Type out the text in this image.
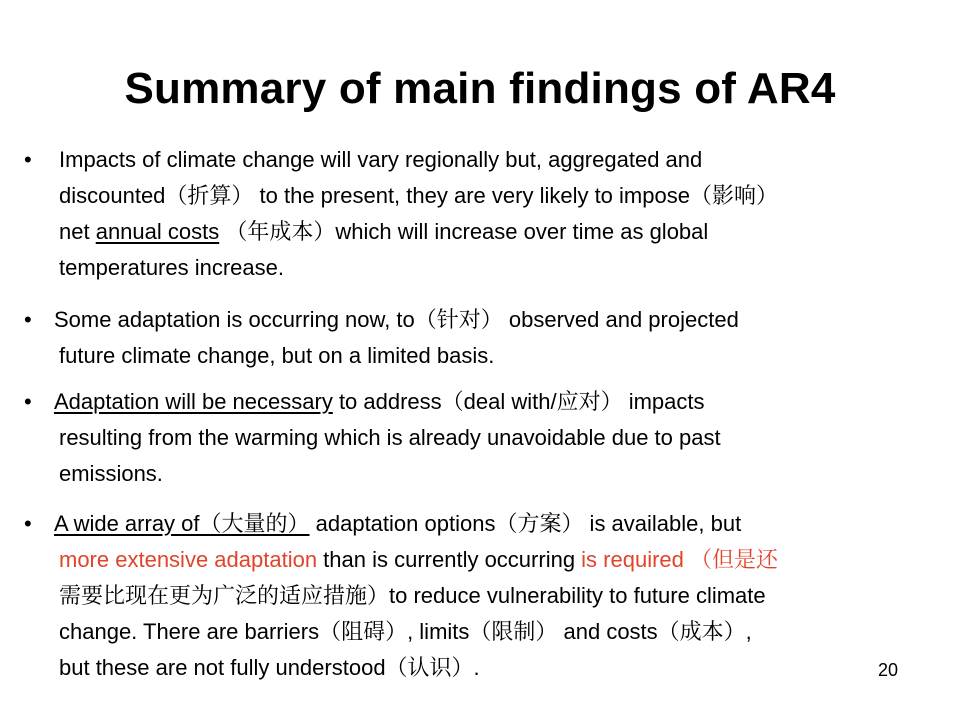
Summary of main findings of AR4
•	Impacts of climate change will vary regionally but, aggregated and
discounted（折算） to the present, they are very likely to impose（影响）
net annual costs （年成本）which will increase over time as global
temperatures increase.
•	Some adaptation is occurring now, to（针对） observed and projected
future climate change, but on a limited basis.
•	Adaptation will be necessary to address（deal with/应对） impacts
resulting from the warming which is already unavoidable due to past
emissions.
•	A wide array of（大量的） adaptation options（方案） is available, but
more extensive adaptation than is currently occurring is required （但是还
需要比现在更为广泛的适应措施）to reduce vulnerability to future climate
change. There are barriers（阻碍）, limits（限制） and costs（成本）,
but these are not fully understood（认识）.	20
